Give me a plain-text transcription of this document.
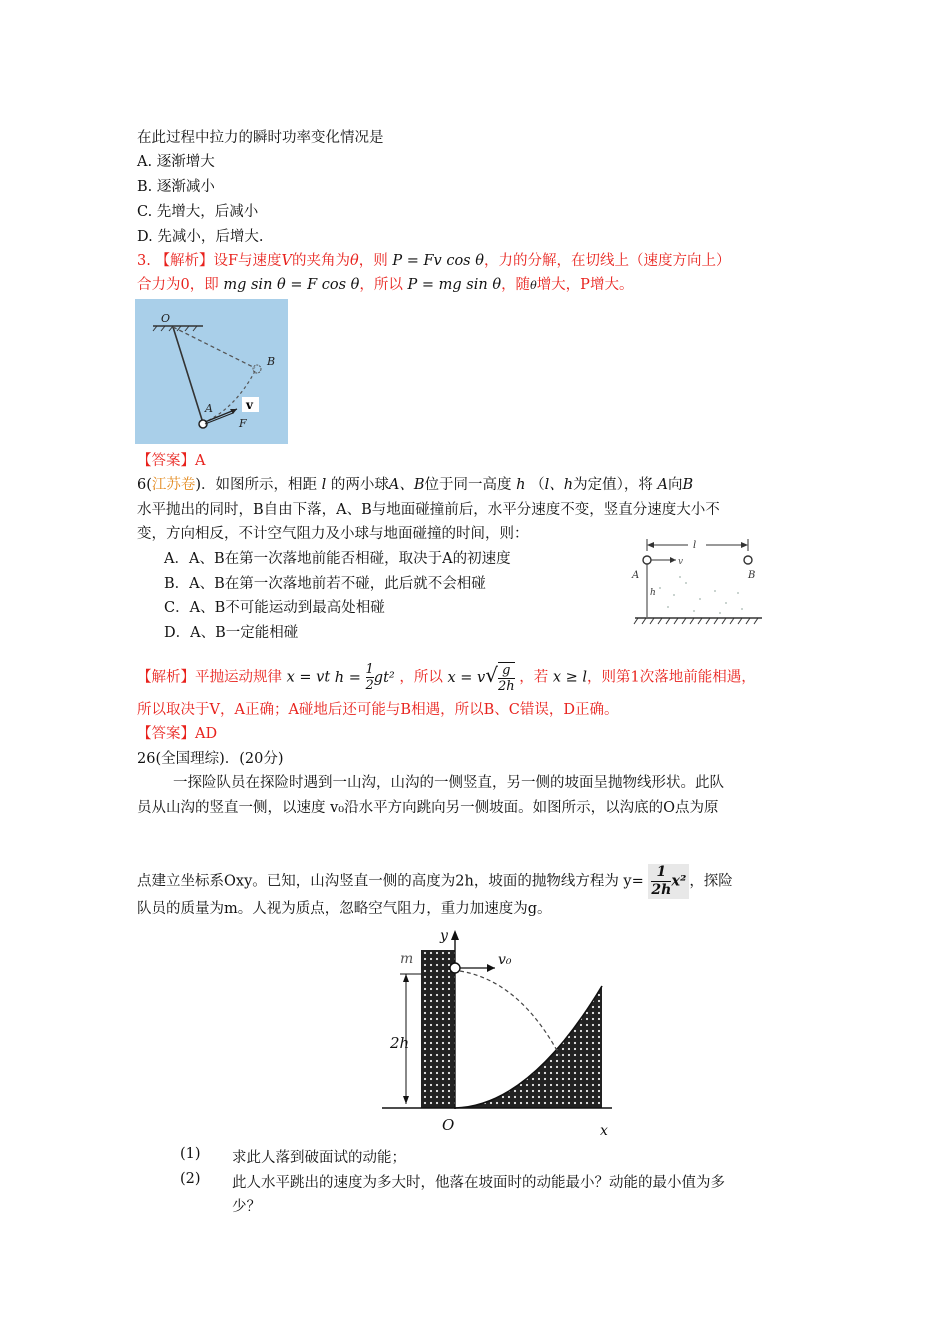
在此过程中拉力的瞬时功率变化情况是
A. 逐渐增大
B. 逐渐减小
C. 先增大，后减小
D. 先减小，后增大.
3. 【解析】设F与速度V的夹角为θ，则 P = Fv cos θ，力的分解，在切线上（速度方向上）
合力为0，即 mg sin θ = F cos θ，所以 P = mg sin θ，随θ增大，P增大。
v
O
B
A
F
【答案】A
6(江苏卷)．如图所示，相距 l 的两小球A、B位于同一高度 h （l、h为定值），将 A向B
水平抛出的同时，B自由下落，A、B与地面碰撞前后，水平分速度不变，竖直分速度大小不
变，方向相反，不计空气阻力及小球与地面碰撞的时间，则：
A．A、B在第一次落地前能否相碰，取决于A的初速度
B．A、B在第一次落地前若不碰，此后就不会相碰
C．A、B不可能运动到最高处相碰
D．A、B一定能相碰
l
v
A	B
h
【解析】平抛运动规律 x = vt $h = \frac{1}{2} gt^2$ ，所以 $x = v√ \frac{g}{2h}$ ，若 x ≥ l，则第1次落地前能相遇，
所以取决于V，A正确；A碰地后还可能与B相遇，所以B、C错误，D正确。
【答案】AD
26(全国理综)．(20分)
一探险队员在探险时遇到一山沟，山沟的一侧竖直，另一侧的坡面呈抛物线形状。此队
员从山沟的竖直一侧，以速度 v₀沿水平方向跳向另一侧坡面。如图所示，以沟底的O点为原
点建立坐标系Oxy。已知，山沟竖直一侧的高度为2h，坡面的抛物线方程为 $y= \frac{1}{2h} x^2$ ，探险
队员的质量为m。人视为质点，忽略空气阻力，重力加速度为g。
y
m	v₀
2h
O	x
(1) 求此人落到破面试的动能；
(2) 此人水平跳出的速度为多大时，他落在坡面时的动能最小？动能的最小值为多
少？
